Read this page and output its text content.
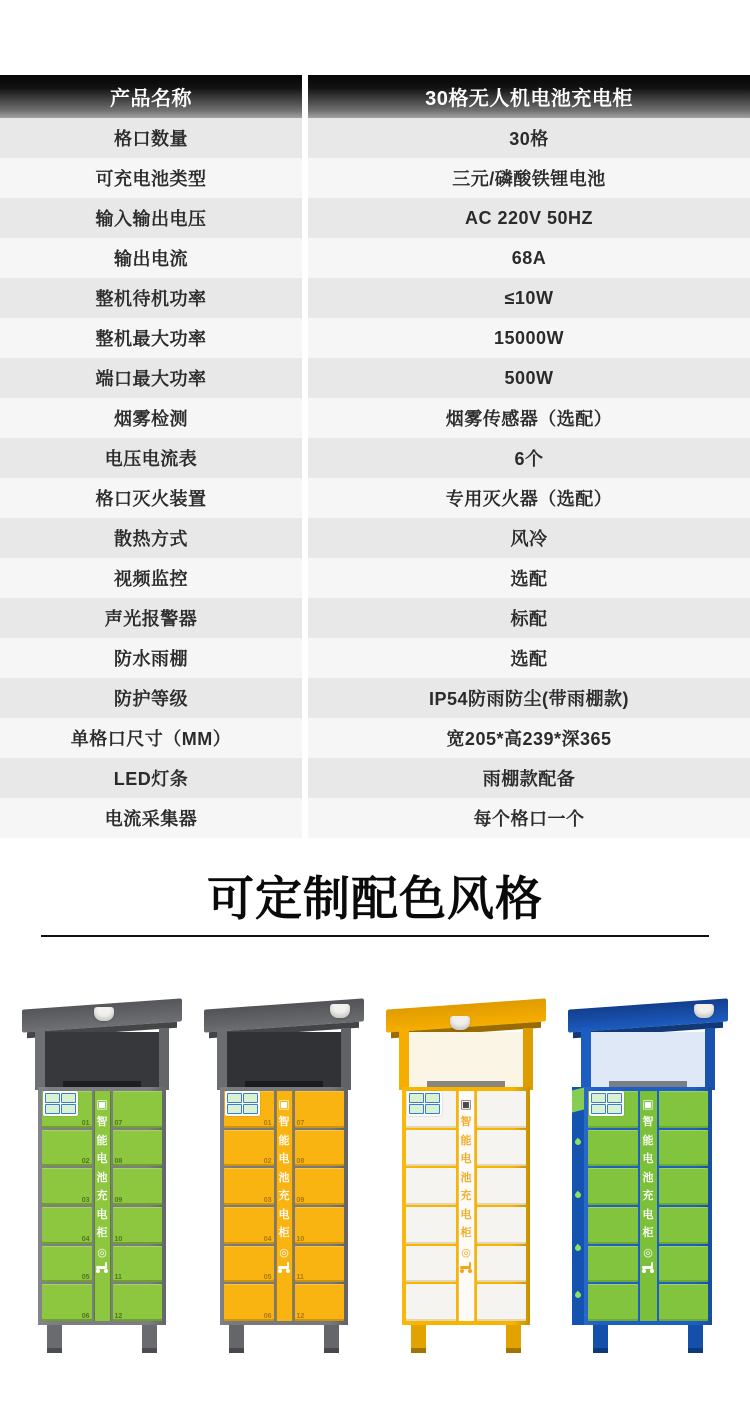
产品名称	30格无人机电池充电柜
格口数量	30格
可充电池类型	三元/磷酸铁锂电池
输入输出电压	AC 220V 50HZ
输出电流	68A
整机待机功率	≤10W
整机最大功率	15000W
端口最大功率	500W
烟雾检测	烟雾传感器（选配）
电压电流表	6个
格口灭火装置	专用灭火器（选配）
散热方式	风冷
视频监控	选配
声光报警器	标配
防水雨棚	选配
防护等级	IP54防雨防尘(带雨棚款)
单格口尺寸（MM）	宽205*高239*深365
LED灯条	雨棚款配备
电流采集器	每个格口一个
可定制配色风格
▣
智
能
电
池
充
电
柜
◎
01	07
02	08
03	09
04	10
05	11
06	12
▣
智
能
电
池
充
电
柜
◎
01	07
02	08
03	09
04	10
05	11
06	12
▣
智
能
电
池
充
电
柜
◎
▣
智
能
电
池
充
电
柜
◎
